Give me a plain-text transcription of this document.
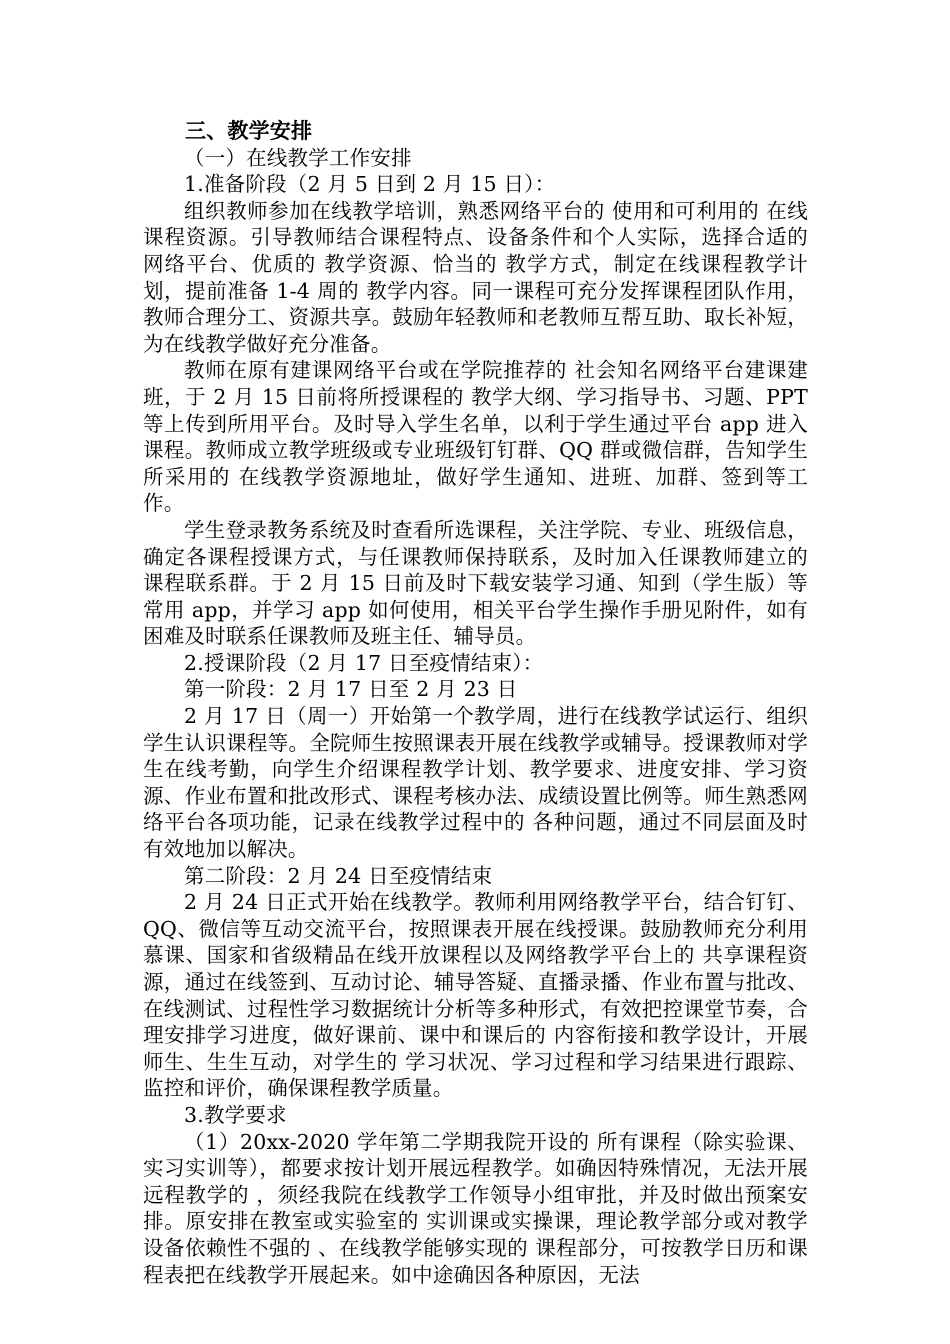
三、教学安排

（一）在线教学工作安排

1.准备阶段（2 月 5 日到 2 月 15 日）：

组织教师参加在线教学培训，熟悉网络平台的 使用和可利用的 在线课程资源。引导教师结合课程特点、设备条件和个人实际，选择合适的 网络平台、优质的 教学资源、恰当的 教学方式，制定在线课程教学计划，提前准备 1-4 周的 教学内容。同一课程可充分发挥课程团队作用，教师合理分工、资源共享。鼓励年轻教师和老教师互帮互助、取长补短，为在线教学做好充分准备。

教师在原有建课网络平台或在学院推荐的 社会知名网络平台建课建班，于 2 月 15 日前将所授课程的 教学大纲、学习指导书、习题、PPT 等上传到所用平台。及时导入学生名单，以利于学生通过平台 app 进入课程。教师成立教学班级或专业班级钉钉群、QQ 群或微信群，告知学生所采用的 在线教学资源地址，做好学生通知、进班、加群、签到等工作。

学生登录教务系统及时查看所选课程，关注学院、专业、班级信息，确定各课程授课方式，与任课教师保持联系，及时加入任课教师建立的 课程联系群。于 2 月 15 日前及时下载安装学习通、知到（学生版）等常用 app，并学习 app 如何使用，相关平台学生操作手册见附件，如有困难及时联系任课教师及班主任、辅导员。

2.授课阶段（2 月 17 日至疫情结束）：

第一阶段：2 月 17 日至 2 月 23 日

2 月 17 日（周一）开始第一个教学周，进行在线教学试运行、组织学生认识课程等。全院师生按照课表开展在线教学或辅导。授课教师对学生在线考勤，向学生介绍课程教学计划、教学要求、进度安排、学习资源、作业布置和批改形式、课程考核办法、成绩设置比例等。师生熟悉网络平台各项功能，记录在线教学过程中的 各种问题，通过不同层面及时有效地加以解决。

第二阶段：2 月 24 日至疫情结束

2 月 24 日正式开始在线教学。教师利用网络教学平台，结合钉钉、QQ、微信等互动交流平台，按照课表开展在线授课。鼓励教师充分利用慕课、国家和省级精品在线开放课程以及网络教学平台上的 共享课程资源，通过在线签到、互动讨论、辅导答疑、直播录播、作业布置与批改、在线测试、过程性学习数据统计分析等多种形式，有效把控课堂节奏，合理安排学习进度，做好课前、课中和课后的 内容衔接和教学设计，开展师生、生生互动，对学生的 学习状况、学习过程和学习结果进行跟踪、监控和评价，确保课程教学质量。

3.教学要求

（1）20xx-2020 学年第二学期我院开设的 所有课程（除实验课、实习实训等），都要求按计划开展远程教学。如确因特殊情况，无法开展远程教学的 ，须经我院在线教学工作领导小组审批，并及时做出预案安排。原安排在教室或实验室的 实训课或实操课，理论教学部分或对教学设备依赖性不强的 、在线教学能够实现的 课程部分，可按教学日历和课程表把在线教学开展起来。如中途确因各种原因，无法
